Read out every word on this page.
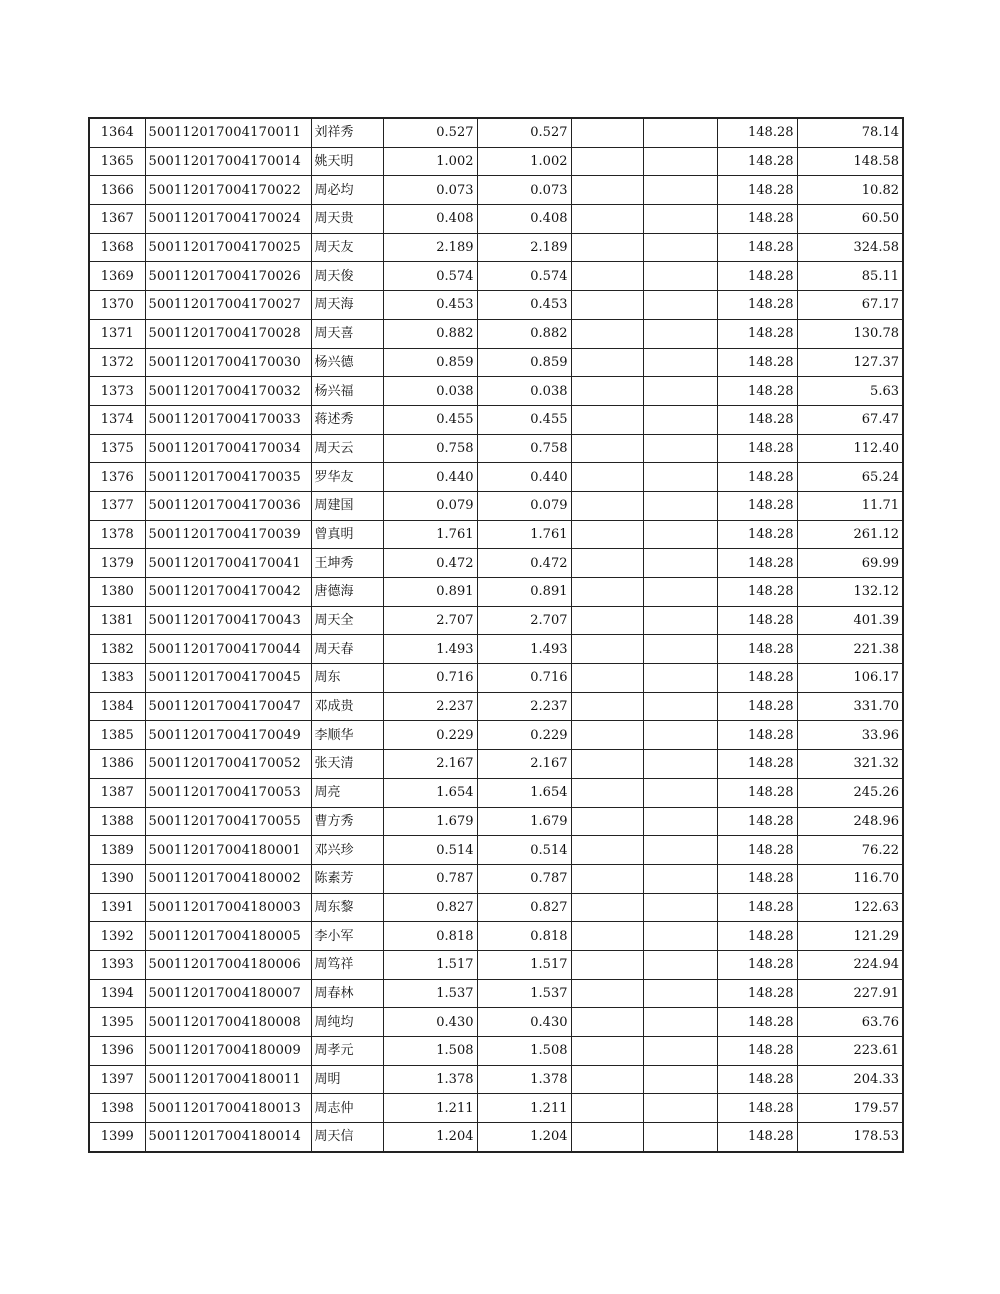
1364	500112017004170011	刘祥秀	0.527	0.527			148.28	78.14
1365	500112017004170014	姚天明	1.002	1.002			148.28	148.58
1366	500112017004170022	周必均	0.073	0.073			148.28	10.82
1367	500112017004170024	周天贵	0.408	0.408			148.28	60.50
1368	500112017004170025	周天友	2.189	2.189			148.28	324.58
1369	500112017004170026	周天俊	0.574	0.574			148.28	85.11
1370	500112017004170027	周天海	0.453	0.453			148.28	67.17
1371	500112017004170028	周天喜	0.882	0.882			148.28	130.78
1372	500112017004170030	杨兴德	0.859	0.859			148.28	127.37
1373	500112017004170032	杨兴福	0.038	0.038			148.28	5.63
1374	500112017004170033	蒋述秀	0.455	0.455			148.28	67.47
1375	500112017004170034	周天云	0.758	0.758			148.28	112.40
1376	500112017004170035	罗华友	0.440	0.440			148.28	65.24
1377	500112017004170036	周建国	0.079	0.079			148.28	11.71
1378	500112017004170039	曾真明	1.761	1.761			148.28	261.12
1379	500112017004170041	王坤秀	0.472	0.472			148.28	69.99
1380	500112017004170042	唐德海	0.891	0.891			148.28	132.12
1381	500112017004170043	周天全	2.707	2.707			148.28	401.39
1382	500112017004170044	周天春	1.493	1.493			148.28	221.38
1383	500112017004170045	周东	0.716	0.716			148.28	106.17
1384	500112017004170047	邓成贵	2.237	2.237			148.28	331.70
1385	500112017004170049	李顺华	0.229	0.229			148.28	33.96
1386	500112017004170052	张天清	2.167	2.167			148.28	321.32
1387	500112017004170053	周亮	1.654	1.654			148.28	245.26
1388	500112017004170055	曹方秀	1.679	1.679			148.28	248.96
1389	500112017004180001	邓兴珍	0.514	0.514			148.28	76.22
1390	500112017004180002	陈素芳	0.787	0.787			148.28	116.70
1391	500112017004180003	周东黎	0.827	0.827			148.28	122.63
1392	500112017004180005	李小军	0.818	0.818			148.28	121.29
1393	500112017004180006	周笃祥	1.517	1.517			148.28	224.94
1394	500112017004180007	周春林	1.537	1.537			148.28	227.91
1395	500112017004180008	周纯均	0.430	0.430			148.28	63.76
1396	500112017004180009	周孝元	1.508	1.508			148.28	223.61
1397	500112017004180011	周明	1.378	1.378			148.28	204.33
1398	500112017004180013	周志仲	1.211	1.211			148.28	179.57
1399	500112017004180014	周天信	1.204	1.204			148.28	178.53
